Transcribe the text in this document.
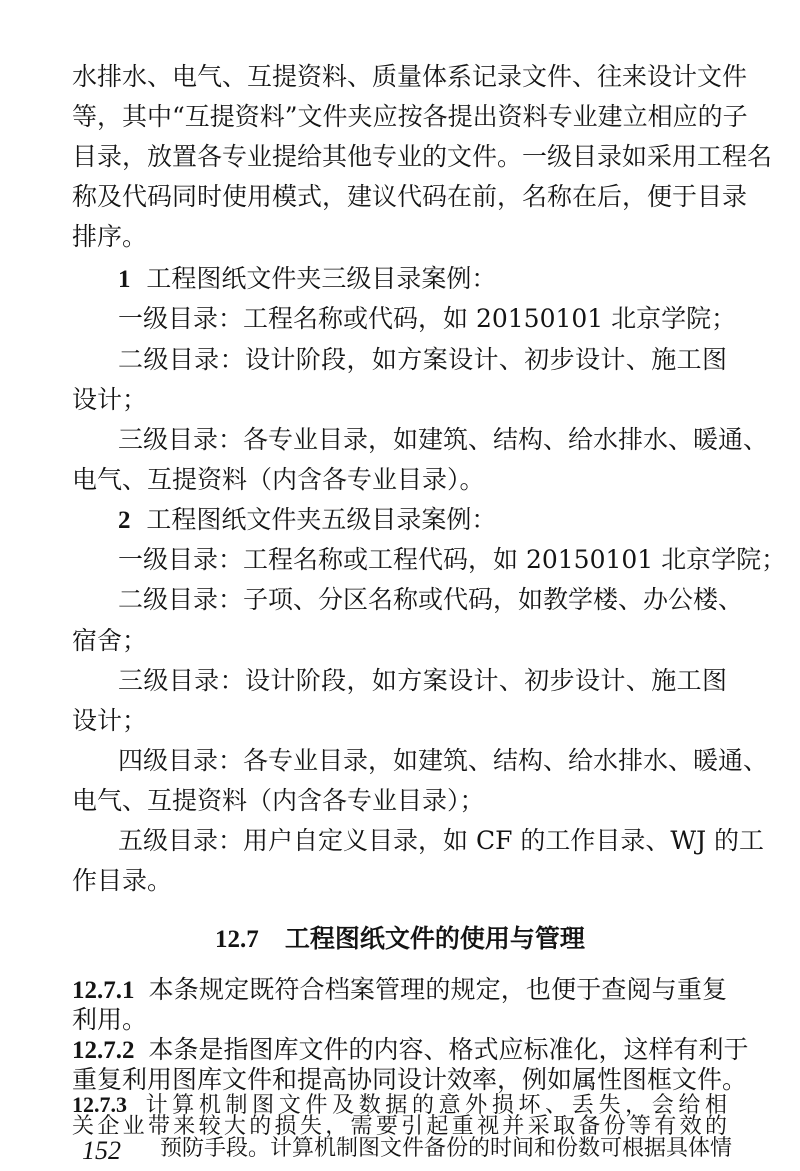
水排水、电气、互提资料、质量体系记录文件、往来设计文件
等，其中“互提资料”文件夹应按各提出资料专业建立相应的子
目录，放置各专业提给其他专业的文件。一级目录如采用工程名
称及代码同时使用模式，建议代码在前，名称在后，便于目录
排序。
1 工程图纸文件夹三级目录案例：
一级目录：工程名称或代码，如 20150101 北京学院；
二级目录：设计阶段，如方案设计、初步设计、施工图
设计；
三级目录：各专业目录，如建筑、结构、给水排水、暖通、
电气、互提资料（内含各专业目录）。
2 工程图纸文件夹五级目录案例：
一级目录：工程名称或工程代码，如 20150101 北京学院；
二级目录：子项、分区名称或代码，如教学楼、办公楼、
宿舍；
三级目录：设计阶段，如方案设计、初步设计、施工图
设计；
四级目录：各专业目录，如建筑、结构、给水排水、暖通、
电气、互提资料（内含各专业目录）；
五级目录：用户自定义目录，如 CF 的工作目录、WJ 的工
作目录。
12.7 工程图纸文件的使用与管理
12.7.1 本条规定既符合档案管理的规定，也便于查阅与重复
利用。
12.7.2 本条是指图库文件的内容、格式应标准化，这样有利于
152
重复利用图库文件和提高协同设计效率，例如属性图框文件。
12.7.3 计算机制图文件及数据的意外损坏、丢失，会给相
关企业带来较大的损失，需要引起重视并采取备份等有效的
预防手段。计算机制图文件备份的时间和份数可根据具体情
